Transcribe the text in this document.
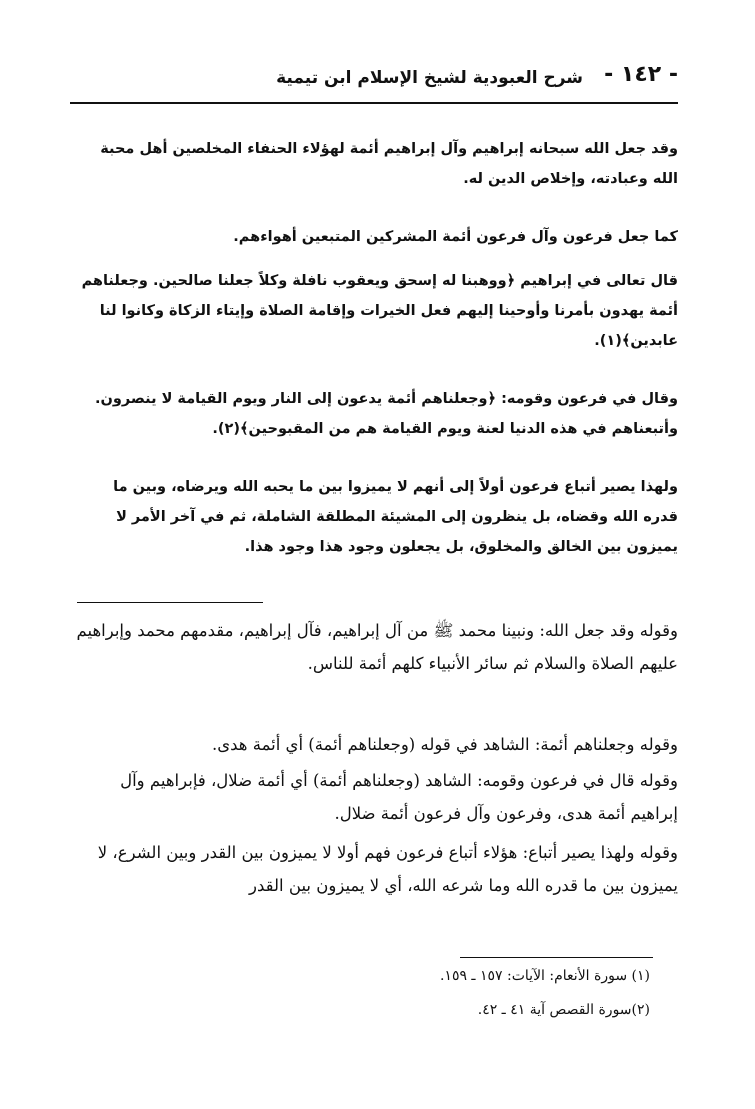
- ١٤٢ -
شرح العبودية لشيخ الإسلام ابن تيمية

وقد جعل الله سبحانه إبراهيم وآل إبراهيم أئمة لهؤلاء الحنفاء المخلصين أهل محبة الله وعبادته، وإخلاص الدين له.

كما جعل فرعون وآل فرعون أئمة المشركين المتبعين أهواءهم.

قال تعالى في إبراهيم ﴿ووهبنا له إسحق ويعقوب نافلة وكلاً جعلنا صالحين. وجعلناهم أئمة يهدون بأمرنا وأوحينا إليهم فعل الخيرات وإقامة الصلاة وإيتاء الزكاة وكانوا لنا عابدين﴾(١).

وقال في فرعون وقومه: ﴿وجعلناهم أئمة يدعون إلى النار ويوم القيامة لا ينصرون. وأتبعناهم في هذه الدنيا لعنة ويوم القيامة هم من المقبوحين﴾(٢).

ولهذا يصير أتباع فرعون أولاً إلى أنهم لا يميزوا بين ما يحبه الله ويرضاه، وبين ما قدره الله وقضاه، بل ينظرون إلى المشيئة المطلقة الشاملة، ثم في آخر الأمر لا يميزون بين الخالق والمخلوق، بل يجعلون وجود هذا وجود هذا.

وقوله وقد جعل الله: ونبينا محمد ﷺ من آل إبراهيم، فآل إبراهيم، مقدمهم محمد وإبراهيم عليهم الصلاة والسلام ثم سائر الأنبياء كلهم أئمة للناس.

وقوله وجعلناهم أئمة: الشاهد في قوله (وجعلناهم أئمة) أي أئمة هدى.

وقوله قال في فرعون وقومه: الشاهد (وجعلناهم أئمة) أي أئمة ضلال، فإبراهيم وآل إبراهيم أئمة هدى، وفرعون وآل فرعون أئمة ضلال.

وقوله ولهذا يصير أتباع: هؤلاء أتباع فرعون فهم أولا لا يميزون بين القدر وبين الشرع، لا يميزون بين ما قدره الله وما شرعه الله، أي لا يميزون بين القدر

(١) سورة الأنعام: الآيات: ١٥٧ ـ ١٥٩.

(٢)سورة القصص آية ٤١ ـ ٤٢.
